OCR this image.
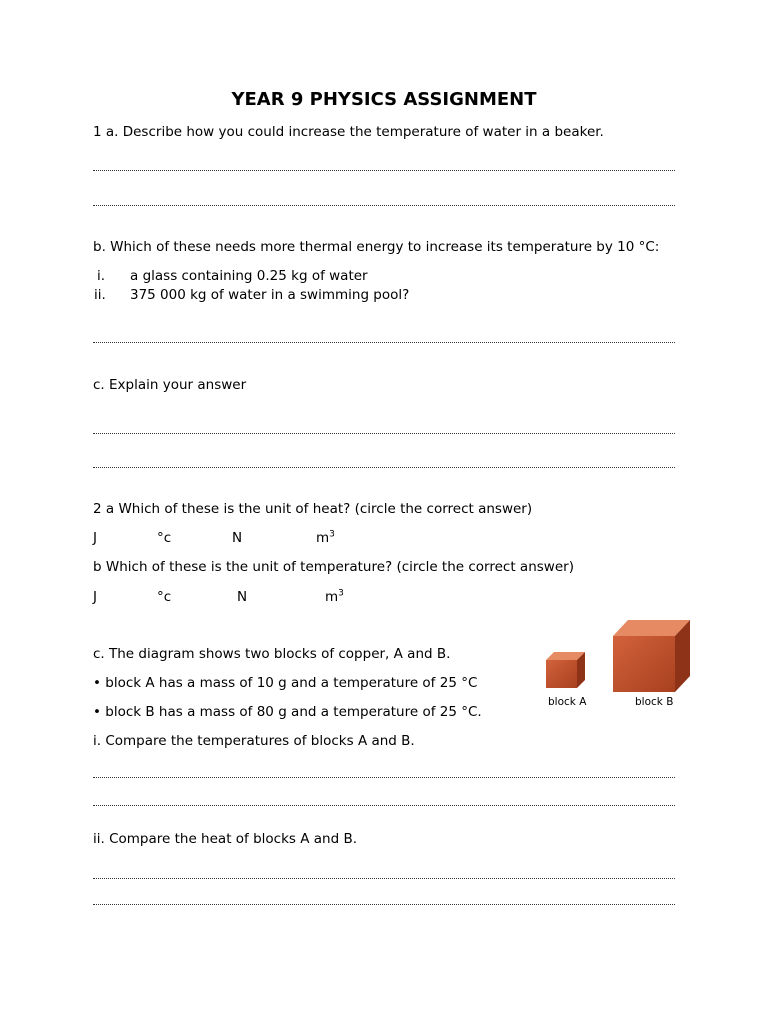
YEAR 9 PHYSICS ASSIGNMENT
1 a. Describe how you could increase the temperature of water in a beaker.
b. Which of these needs more thermal energy to increase its temperature by 10 °C:
i. a glass containing 0.25 kg of water
ii. 375 000 kg of water in a swimming pool?
c. Explain your answer
2 a Which of these is the unit of heat? (circle the correct answer)
J	°c	N	$m^3$
b Which of these is the unit of temperature? (circle the correct answer)
J	°c	N	$m^3$
c. The diagram shows two blocks of copper, A and B.
• block A has a mass of 10 g and a temperature of 25 °C
• block B has a mass of 80 g and a temperature of 25 °C.
block A	block B
i. Compare the temperatures of blocks A and B.
ii. Compare the heat of blocks A and B.
